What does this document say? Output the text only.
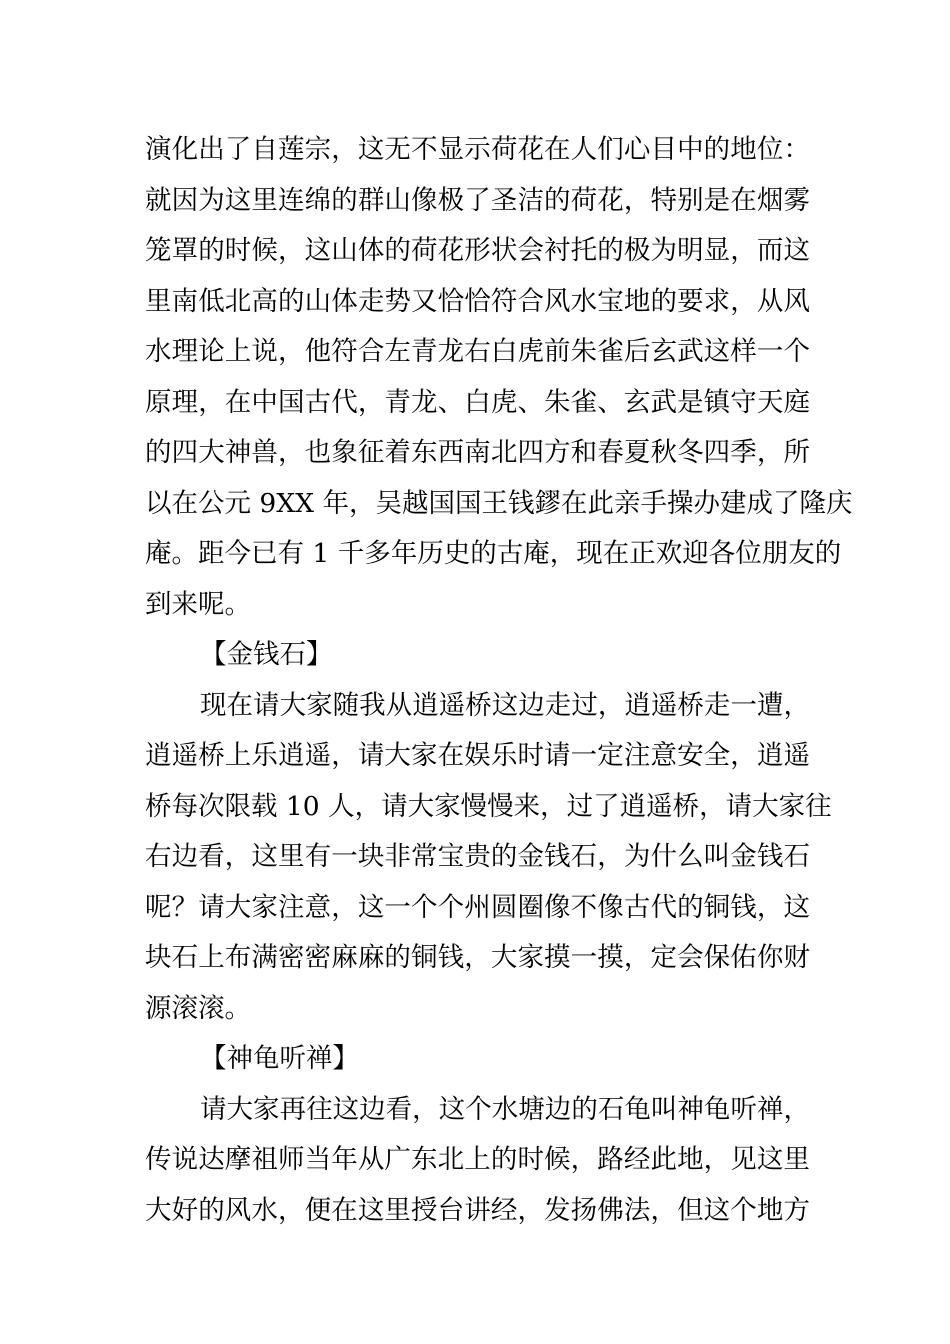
演化出了自莲宗，这无不显示荷花在人们心目中的地位：
就因为这里连绵的群山像极了圣洁的荷花，特别是在烟雾
笼罩的时候，这山体的荷花形状会衬托的极为明显，而这
里南低北高的山体走势又恰恰符合风水宝地的要求，从风
水理论上说，他符合左青龙右白虎前朱雀后玄武这样一个
原理，在中国古代，青龙、白虎、朱雀、玄武是镇守天庭
的四大神兽，也象征着东西南北四方和春夏秋冬四季，所
以在公元 9XX 年，吴越国国王钱鏐在此亲手操办建成了隆庆
庵。距今已有 1 千多年历史的古庵，现在正欢迎各位朋友的
到来呢。
【金钱石】
现在请大家随我从逍遥桥这边走过，逍遥桥走一遭，
逍遥桥上乐逍遥，请大家在娱乐时请一定注意安全，逍遥
桥每次限载 10 人，请大家慢慢来，过了逍遥桥，请大家往
右边看，这里有一块非常宝贵的金钱石，为什么叫金钱石
呢？请大家注意，这一个个州圆圈像不像古代的铜钱，这
块石上布满密密麻麻的铜钱，大家摸一摸，定会保佑你财
源滚滚。
【神龟听禅】
请大家再往这边看，这个水塘边的石龟叫神龟听禅，
传说达摩祖师当年从广东北上的时候，路经此地，见这里
大好的风水，便在这里授台讲经，发扬佛法，但这个地方
